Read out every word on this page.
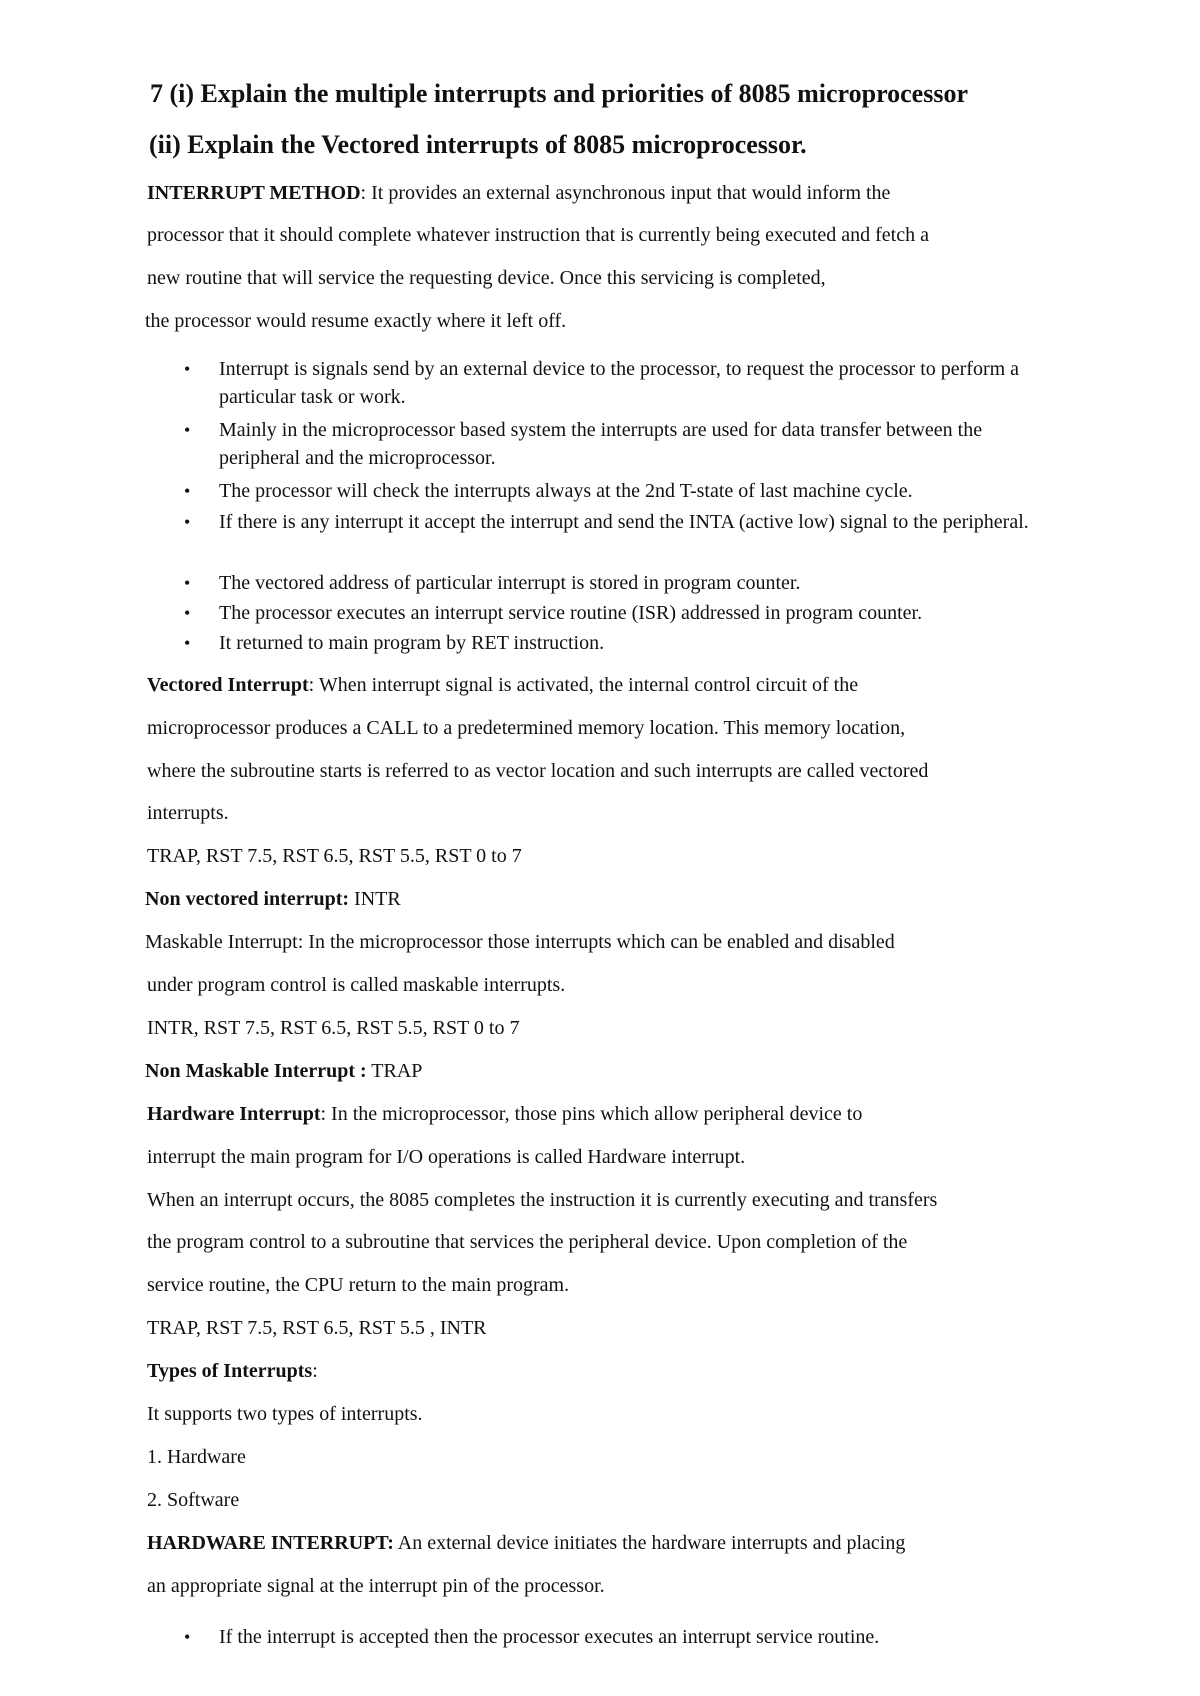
7 (i) Explain the multiple interrupts and priorities of 8085 microprocessor
(ii) Explain the Vectored interrupts of 8085 microprocessor.
INTERRUPT METHOD: It provides an external asynchronous input that would inform the
processor that it should complete whatever instruction that is currently being executed and fetch a
new routine that will service the requesting device. Once this servicing is completed,
the processor would resume exactly where it left off.
• Interrupt is signals send by an external device to the processor, to request the processor to perform a particular task or work.
• Mainly in the microprocessor based system the interrupts are used for data transfer between the peripheral and the microprocessor.
• The processor will check the interrupts always at the 2nd T-state of last machine cycle.
• If there is any interrupt it accept the interrupt and send the INTA (active low) signal to the peripheral.
• The vectored address of particular interrupt is stored in program counter.
• The processor executes an interrupt service routine (ISR) addressed in program counter.
• It returned to main program by RET instruction.
Vectored Interrupt: When interrupt signal is activated, the internal control circuit of the
microprocessor produces a CALL to a predetermined memory location. This memory location,
where the subroutine starts is referred to as vector location and such interrupts are called vectored
interrupts.
TRAP, RST 7.5, RST 6.5, RST 5.5, RST 0 to 7
Non vectored interrupt: INTR
Maskable Interrupt: In the microprocessor those interrupts which can be enabled and disabled
under program control is called maskable interrupts.
INTR, RST 7.5, RST 6.5, RST 5.5, RST 0 to 7
Non Maskable Interrupt : TRAP
Hardware Interrupt: In the microprocessor, those pins which allow peripheral device to
interrupt the main program for I/O operations is called Hardware interrupt.
When an interrupt occurs, the 8085 completes the instruction it is currently executing and transfers
the program control to a subroutine that services the peripheral device. Upon completion of the
service routine, the CPU return to the main program.
TRAP, RST 7.5, RST 6.5, RST 5.5 , INTR
Types of Interrupts:
It supports two types of interrupts.
1. Hardware
2. Software
HARDWARE INTERRUPT: An external device initiates the hardware interrupts and placing
an appropriate signal at the interrupt pin of the processor.
• If the interrupt is accepted then the processor executes an interrupt service routine.
